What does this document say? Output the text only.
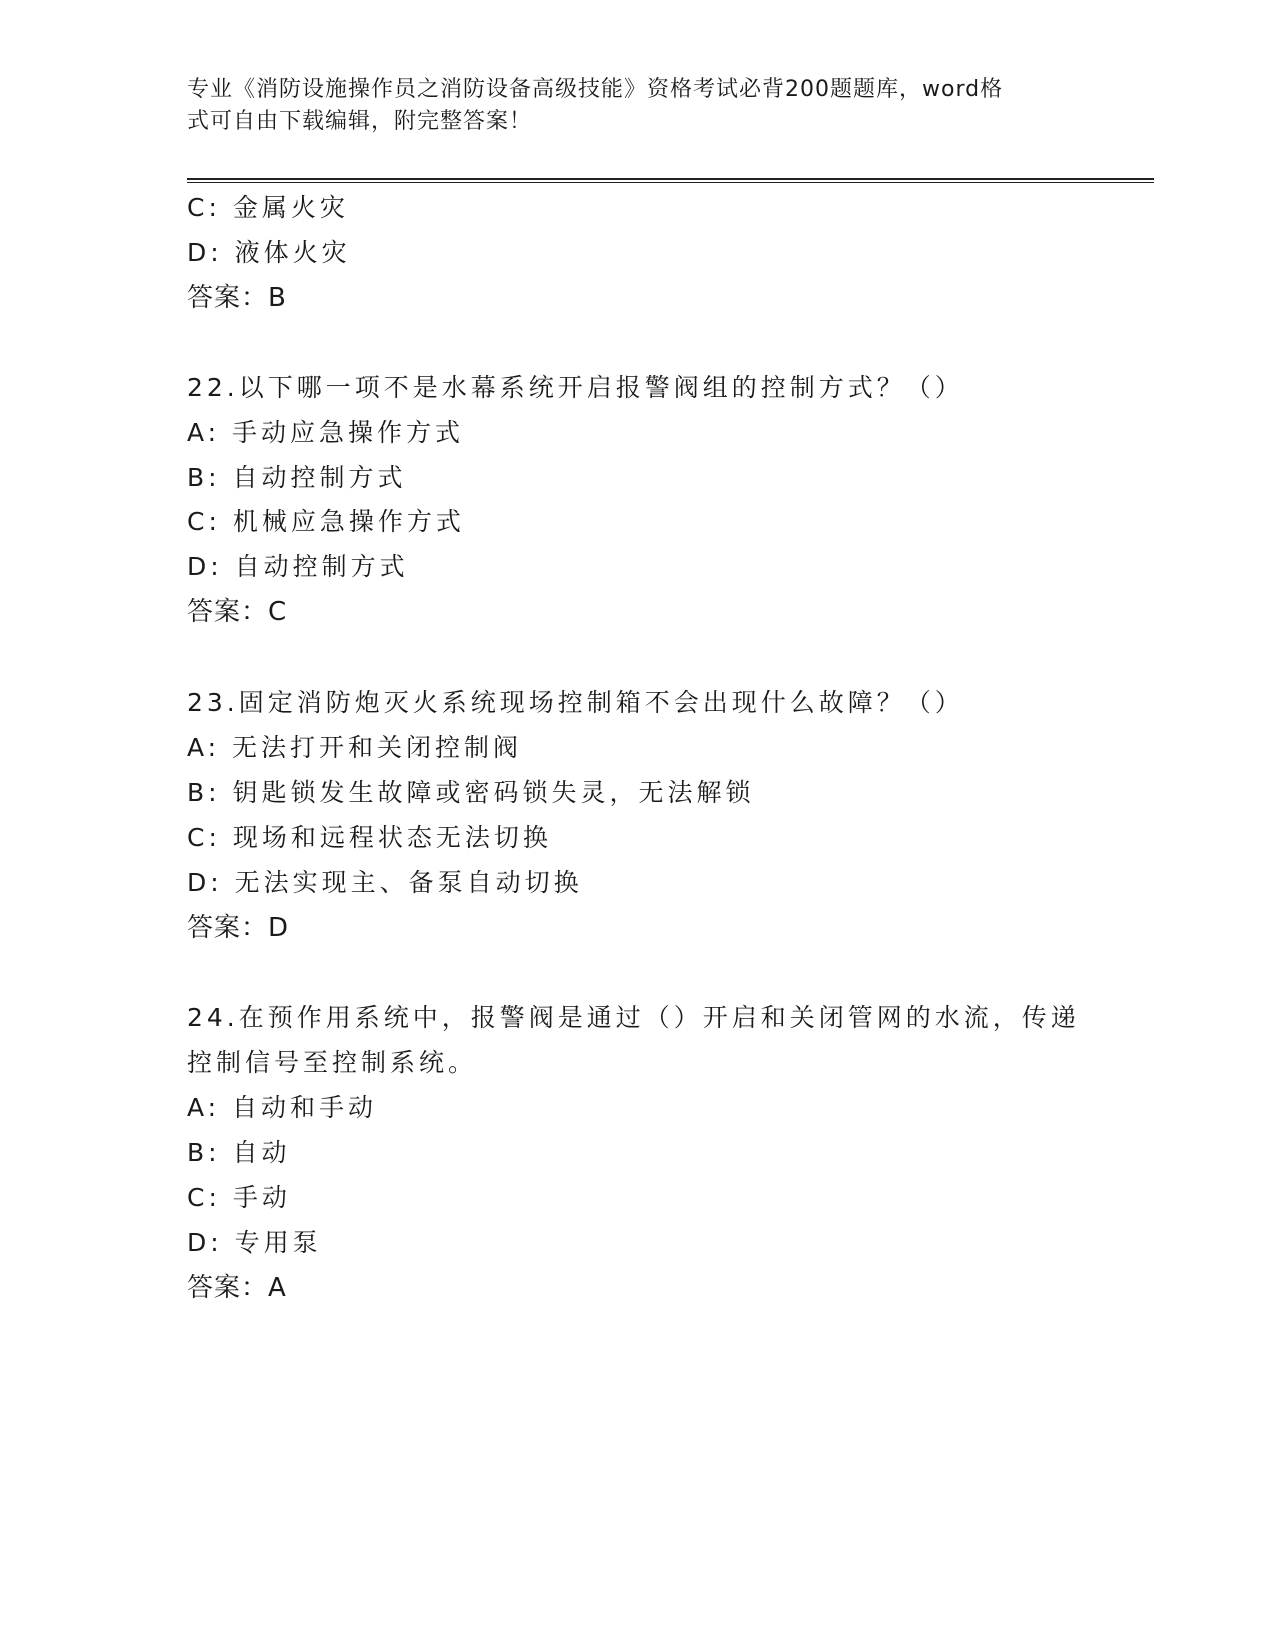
专业《消防设施操作员之消防设备高级技能》资格考试必背200题题库，word格
式可自由下载编辑，附完整答案！
C: 金属火灾
D: 液体火灾
答案：B
22.以下哪一项不是水幕系统开启报警阀组的控制方式？（）
A: 手动应急操作方式
B: 自动控制方式
C: 机械应急操作方式
D: 自动控制方式
答案：C
23.固定消防炮灭火系统现场控制箱不会出现什么故障？（）
A: 无法打开和关闭控制阀
B: 钥匙锁发生故障或密码锁失灵，无法解锁
C: 现场和远程状态无法切换
D: 无法实现主、备泵自动切换
答案：D
24.在预作用系统中，报警阀是通过（）开启和关闭管网的水流，传递
控制信号至控制系统。
A: 自动和手动
B: 自动
C: 手动
D: 专用泵
答案：A
